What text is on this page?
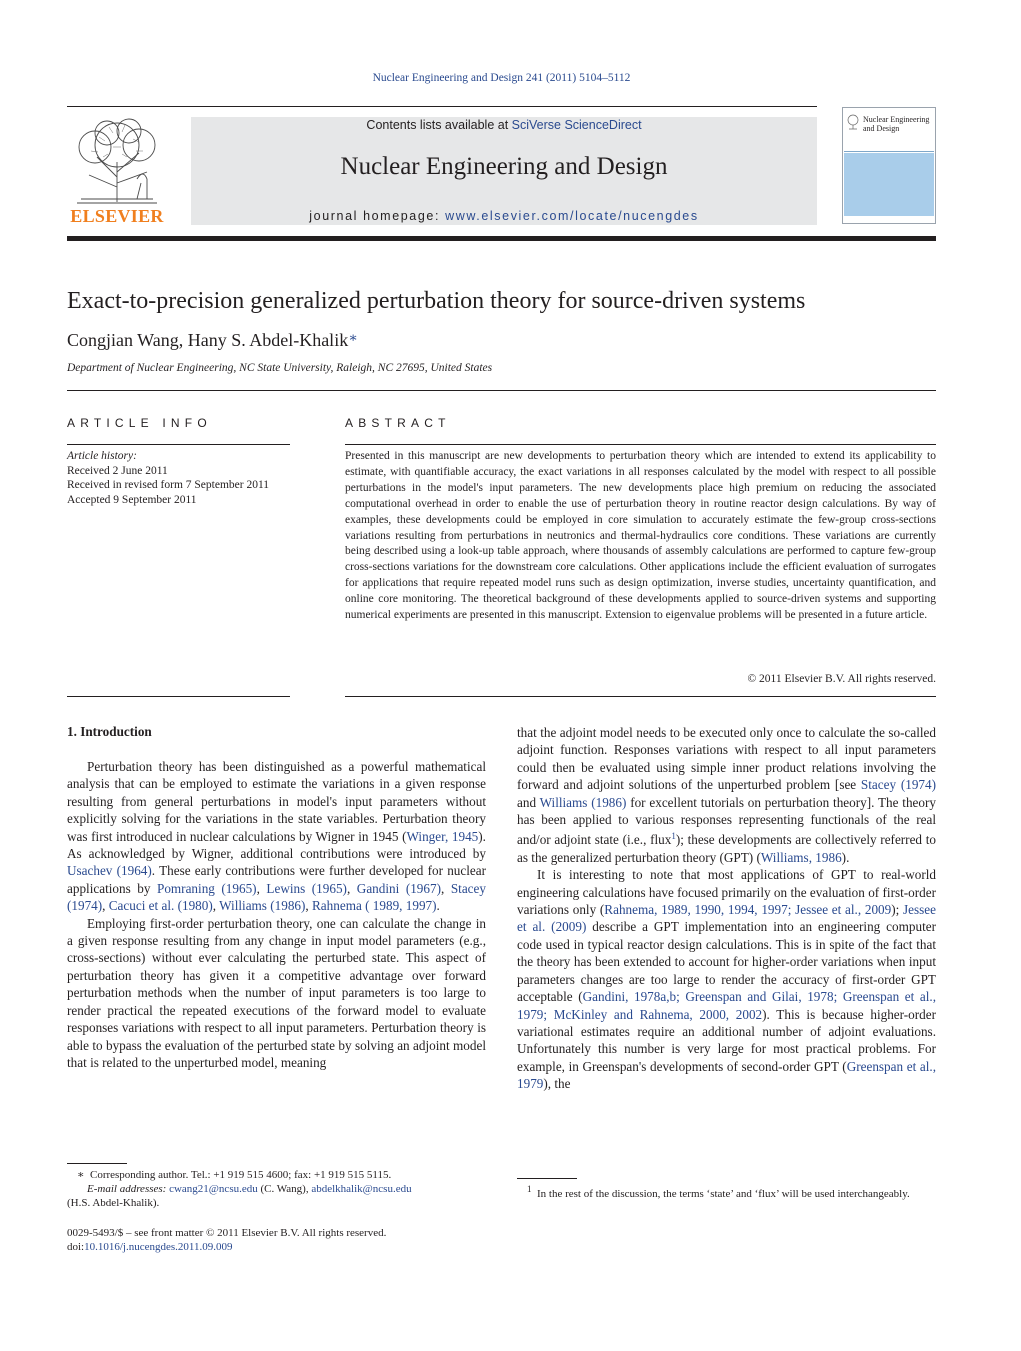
Nuclear Engineering and Design 241 (2011) 5104–5112
ELSEVIER
Contents lists available at SciVerse ScienceDirect
Nuclear Engineering and Design
journal homepage: www.elsevier.com/locate/nucengdes
Nuclear Engineering and Design
Exact-to-precision generalized perturbation theory for source-driven systems
Congjian Wang, Hany S. Abdel-Khalik∗
Department of Nuclear Engineering, NC State University, Raleigh, NC 27695, United States
ARTICLE INFO
Article history:
Received 2 June 2011
Received in revised form 7 September 2011
Accepted 9 September 2011
ABSTRACT
Presented in this manuscript are new developments to perturbation theory which are intended to extend its applicability to estimate, with quantifiable accuracy, the exact variations in all responses calculated by the model with respect to all possible perturbations in the model's input parameters. The new developments place high premium on reducing the associated computational overhead in order to enable the use of perturbation theory in routine reactor design calculations. By way of examples, these developments could be employed in core simulation to accurately estimate the few-group cross-sections variations resulting from perturbations in neutronics and thermal-hydraulics core conditions. These variations are currently being described using a look-up table approach, where thousands of assembly calculations are performed to capture few-group cross-sections variations for the downstream core calculations. Other applications include the efficient evaluation of surrogates for applications that require repeated model runs such as design optimization, inverse studies, uncertainty quantification, and online core monitoring. The theoretical background of these developments applied to source-driven systems and supporting numerical experiments are presented in this manuscript. Extension to eigenvalue problems will be presented in a future article.
© 2011 Elsevier B.V. All rights reserved.
1. Introduction

Perturbation theory has been distinguished as a powerful mathematical analysis that can be employed to estimate the variations in a given response resulting from general perturbations in model's input parameters without explicitly solving for the variations in the state variables. Perturbation theory was first introduced in nuclear calculations by Wigner in 1945 (Winger, 1945). As acknowledged by Wigner, additional contributions were introduced by Usachev (1964). These early contributions were further developed for nuclear applications by Pomraning (1965), Lewins (1965), Gandini (1967), Stacey (1974), Cacuci et al. (1980), Williams (1986), Rahnema ( 1989, 1997).

Employing first-order perturbation theory, one can calculate the change in a given response resulting from any change in input model parameters (e.g., cross-sections) without ever calculating the perturbed state. This aspect of perturbation theory has given it a competitive advantage over forward perturbation methods when the number of input parameters is too large to render practical the repeated executions of the forward model to evaluate responses variations with respect to all input parameters. Perturbation theory is able to bypass the evaluation of the perturbed state by solving an adjoint model that is related to the unperturbed model, meaning

that the adjoint model needs to be executed only once to calculate the so-called adjoint function. Responses variations with respect to all input parameters could then be evaluated using simple inner product relations involving the forward and adjoint solutions of the unperturbed problem [see Stacey (1974) and Williams (1986) for excellent tutorials on perturbation theory]. The theory has been applied to various responses representing functionals of the real and/or adjoint state (i.e., flux$^1$); these developments are collectively referred to as the generalized perturbation theory (GPT) (Williams, 1986).

It is interesting to note that most applications of GPT to real-world engineering calculations have focused primarily on the evaluation of first-order variations only (Rahnema, 1989, 1990, 1994, 1997; Jessee et al., 2009); Jessee et al. (2009) describe a GPT implementation into an engineering computer code used in typical reactor design calculations. This is in spite of the fact that the theory has been extended to account for higher-order variations when input parameters changes are too large to render the accuracy of first-order GPT acceptable (Gandini, 1978a,b; Greenspan and Gilai, 1978; Greenspan et al., 1979; McKinley and Rahnema, 2000, 2002). This is because higher-order variational estimates require an additional number of adjoint evaluations. Unfortunately this number is very large for most practical problems. For example, in Greenspan's developments of second-order GPT (Greenspan et al., 1979), the

∗ Corresponding author. Tel.: +1 919 515 4600; fax: +1 919 515 5115.
E-mail addresses: cwang21@ncsu.edu (C. Wang), abdelkhalik@ncsu.edu
(H.S. Abdel-Khalik).
0029-5493/$ – see front matter © 2011 Elsevier B.V. All rights reserved.
doi:10.1016/j.nucengdes.2011.09.009
$^1$ In the rest of the discussion, the terms ‘state’ and ‘flux’ will be used interchangeably.
